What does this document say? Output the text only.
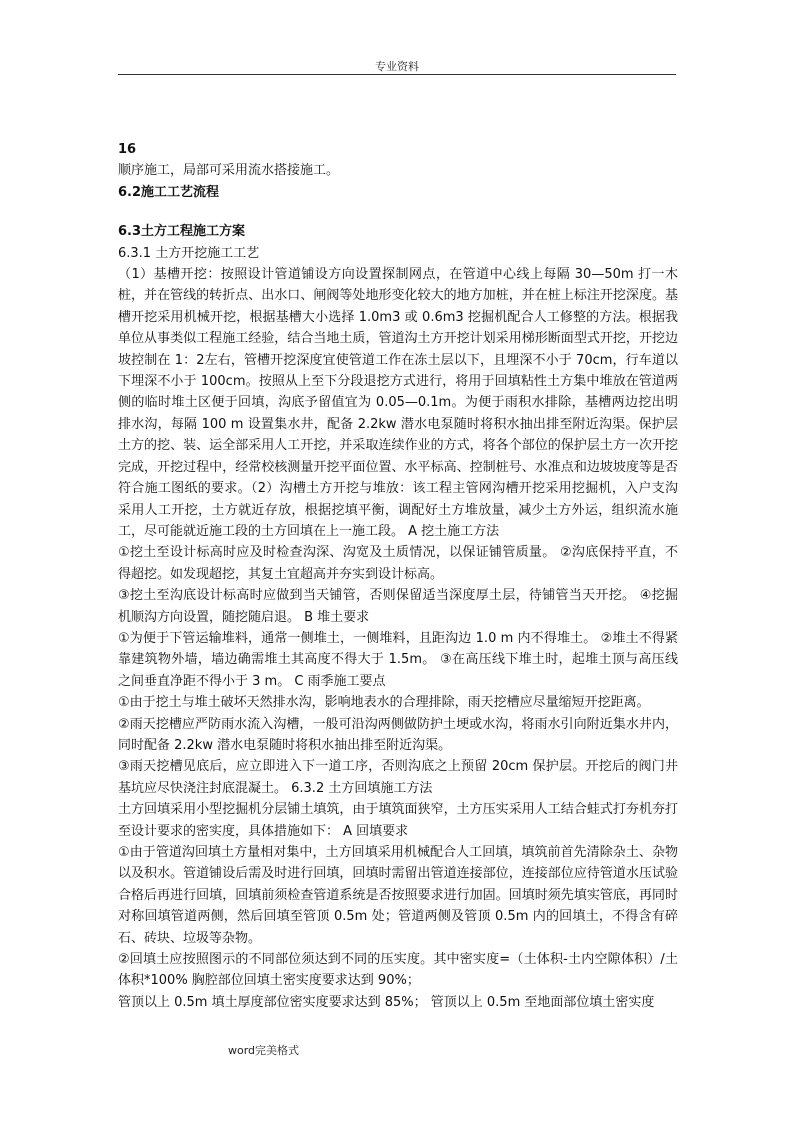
专业资料

16

顺序施工，局部可采用流水搭接施工。

6.2施工工艺流程

6.3土方工程施工方案

6.3.1 土方开挖施工工艺

（1）基槽开挖：按照设计管道铺设方向设置探制网点，在管道中心线上每隔 30—50m 打一木桩，并在管线的转折点、出水口、闸阀等处地形变化较大的地方加桩，并在桩上标注开挖深度。基槽开挖采用机械开挖，根据基槽大小选择 1.0m3 或 0.6m3 挖掘机配合人工修整的方法。根据我单位从事类似工程施工经验，结合当地土质，管道沟土方开挖计划采用梯形断面型式开挖，开挖边坡控制在 1：2左右，管槽开挖深度宜使管道工作在冻土层以下，且埋深不小于 70cm，行车道以下埋深不小于 100cm。按照从上至下分段退挖方式进行，将用于回填粘性土方集中堆放在管道两侧的临时堆土区便于回填，沟底予留值宜为 0.05—0.1m。为便于雨积水排除，基槽两边挖出明排水沟，每隔 100 m 设置集水井，配备 2.2kw 潜水电泵随时将积水抽出排至附近沟渠。保护层土方的挖、装、运全部采用人工开挖，并采取连续作业的方式，将各个部位的保护层土方一次开挖完成，开挖过程中，经常校核测量开挖平面位置、水平标高、控制桩号、水准点和边坡坡度等是否符合施工图纸的要求。（2）沟槽土方开挖与堆放：该工程主管网沟槽开挖采用挖掘机，入户支沟采用人工开挖，土方就近存放，根据挖填平衡，调配好土方堆放量，减少土方外运，组织流水施工，尽可能就近施工段的土方回填在上一施工段。 A 挖土施工方法

①挖土至设计标高时应及时检查沟深、沟宽及土质情况，以保证铺管质量。 ②沟底保持平直，不得超挖。如发现超挖，其复土宜超高并夯实到设计标高。

③挖土至沟底设计标高时应做到当天铺管，否则保留适当深度厚土层，待铺管当天开挖。 ④挖掘机顺沟方向设置，随挖随启退。 B 堆土要求

①为便于下管运输堆料，通常一侧堆土，一侧堆料，且距沟边 1.0 m 内不得堆土。 ②堆土不得紧靠建筑物外墙，墙边确需堆土其高度不得大于 1.5m。 ③在高压线下堆土时，起堆土顶与高压线之间垂直净距不得小于 3 m。 C 雨季施工要点

①由于挖土与堆土破坏天然排水沟，影响地表水的合理排除，雨天挖槽应尽量缩短开挖距离。

②雨天挖槽应严防雨水流入沟槽，一般可沿沟两侧做防护土埂或水沟，将雨水引向附近集水井内，同时配备 2.2kw 潜水电泵随时将积水抽出排至附近沟渠。

③雨天挖槽见底后，应立即进入下一道工序，否则沟底之上预留 20cm 保护层。开挖后的阀门井基坑应尽快浇注封底混凝土。 6.3.2 土方回填施工方法

土方回填采用小型挖掘机分层铺土填筑，由于填筑面狭窄，土方压实采用人工结合蛙式打夯机夯打至设计要求的密实度，具体措施如下： A 回填要求

①由于管道沟回填土方量相对集中，土方回填采用机械配合人工回填，填筑前首先清除杂土、杂物以及积水。管道铺设后需及时进行回填，回填时需留出管道连接部位，连接部位应待管道水压试验合格后再进行回填，回填前须检查管道系统是否按照要求进行加固。回填时须先填实管底，再同时对称回填管道两侧，然后回填至管顶 0.5m 处；管道两侧及管顶 0.5m 内的回填土，不得含有碎石、砖块、垃圾等杂物。

②回填土应按照图示的不同部位须达到不同的压实度。其中密实度=（土体积-土内空隙体积）/土体积*100% 胸腔部位回填土密实度要求达到 90%；

管顶以上 0.5m 填土厚度部位密实度要求达到 85%； 管顶以上 0.5m 至地面部位填土密实度

word完美格式
